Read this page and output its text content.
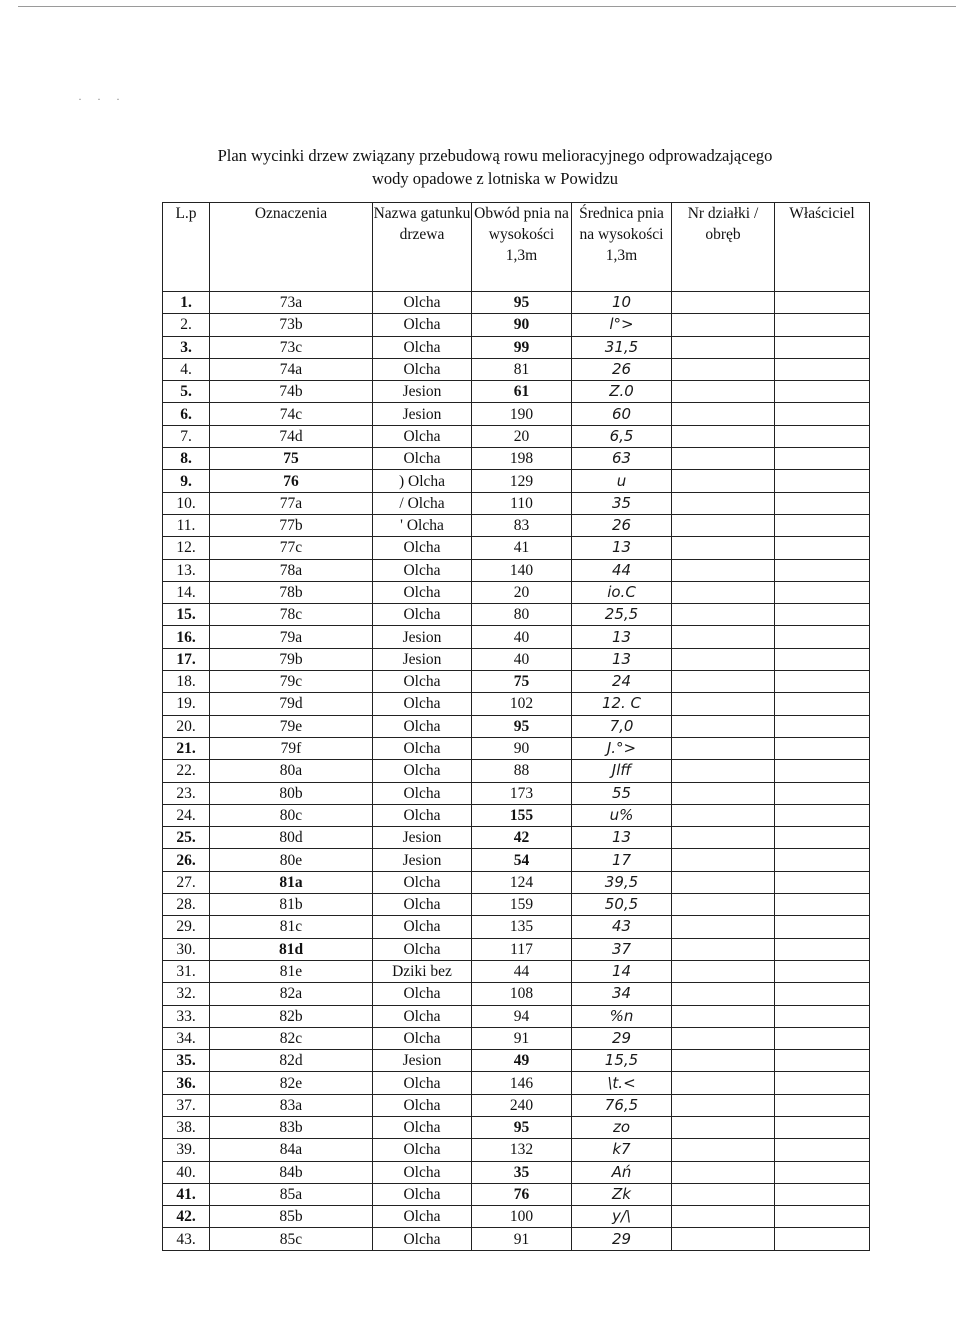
· · ·
Plan wycinki drzew związany przebudową rowu melioracyjnego odprowadzającego
wody opadowe z lotniska w Powidzu
L.p	Oznaczenia	Nazwa gatunku drzewa	Obwód pnia na wysokości 1,3m	Średnica pnia na wysokości 1,3m	Nr działki / obręb	Właściciel
1.	73a	Olcha	95	10		
2.	73b	Olcha	90	l°>		
3.	73c	Olcha	99	31,5		
4.	74a	Olcha	81	26		
5.	74b	Jesion	61	Z.0		
6.	74c	Jesion	190	60		
7.	74d	Olcha	20	6,5		
8.	75	Olcha	198	63		
9.	76	) Olcha	129	u		
10.	77a	/ Olcha	110	35		
11.	77b	' Olcha	83	26		
12.	77c	Olcha	41	13		
13.	78a	Olcha	140	44		
14.	78b	Olcha	20	io.C		
15.	78c	Olcha	80	25,5		
16.	79a	Jesion	40	13		
17.	79b	Jesion	40	13		
18.	79c	Olcha	75	24		
19.	79d	Olcha	102	12. C		
20.	79e	Olcha	95	7,0		
21.	79f	Olcha	90	J.°>		
22.	80a	Olcha	88	Jlff		
23.	80b	Olcha	173	55		
24.	80c	Olcha	155	u%		
25.	80d	Jesion	42	13		
26.	80e	Jesion	54	17		
27.	81a	Olcha	124	39,5		
28.	81b	Olcha	159	50,5		
29.	81c	Olcha	135	43		
30.	81d	Olcha	117	37		
31.	81e	Dziki bez	44	14		
32.	82a	Olcha	108	34		
33.	82b	Olcha	94	%n		
34.	82c	Olcha	91	29		
35.	82d	Jesion	49	15,5		
36.	82e	Olcha	146	\t.<		
37.	83a	Olcha	240	76,5		
38.	83b	Olcha	95	zo		
39.	84a	Olcha	132	k7		
40.	84b	Olcha	35	Ań		
41.	85a	Olcha	76	Zk		
42.	85b	Olcha	100	y/\		
43.	85c	Olcha	91	29		
